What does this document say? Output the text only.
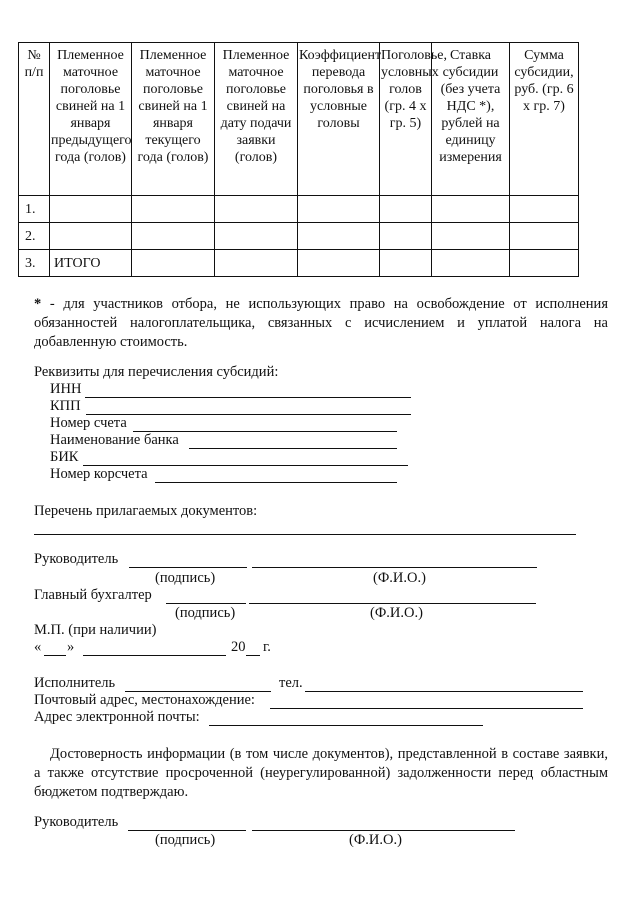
№ п/п	Племенное маточное поголовье свиней на 1 января предыдущего года (голов)	Племенное маточное поголовье свиней на 1 января текущего года (голов)	Племенное маточное поголовье свиней на дату подачи заявки (голов)	Коэффициент перевода поголовья в условные головы	Поголовье, условных голов (гр. 4 х гр. 5)	Ставка субсидии (без учета НДС *), рублей на единицу измерения	Сумма субсидии, руб. (гр. 6 х гр. 7)
1.							
2.							
3.	ИТОГО						
* - для участников отбора, не использующих право на освобождение от исполнения обязанностей налогоплательщика, связанных с исчислением и уплатой налога на добавленную стоимость.
Реквизиты для перечисления субсидий:
ИНН
КПП
Номер счета
Наименование банка
БИК
Номер корсчета
Перечень прилагаемых документов:
Руководитель
(подпись)	(Ф.И.О.)
Главный бухгалтер
(подпись)	(Ф.И.О.)
М.П. (при наличии)
« »	20 г.
Исполнитель	тел.
Почтовый адрес, местонахождение:
Адрес электронной почты:
Достоверность информации (в том числе документов), представленной в составе заявки, а также отсутствие просроченной (неурегулированной) задолженности перед областным бюджетом подтверждаю.
Руководитель
(подпись)	(Ф.И.О.)
